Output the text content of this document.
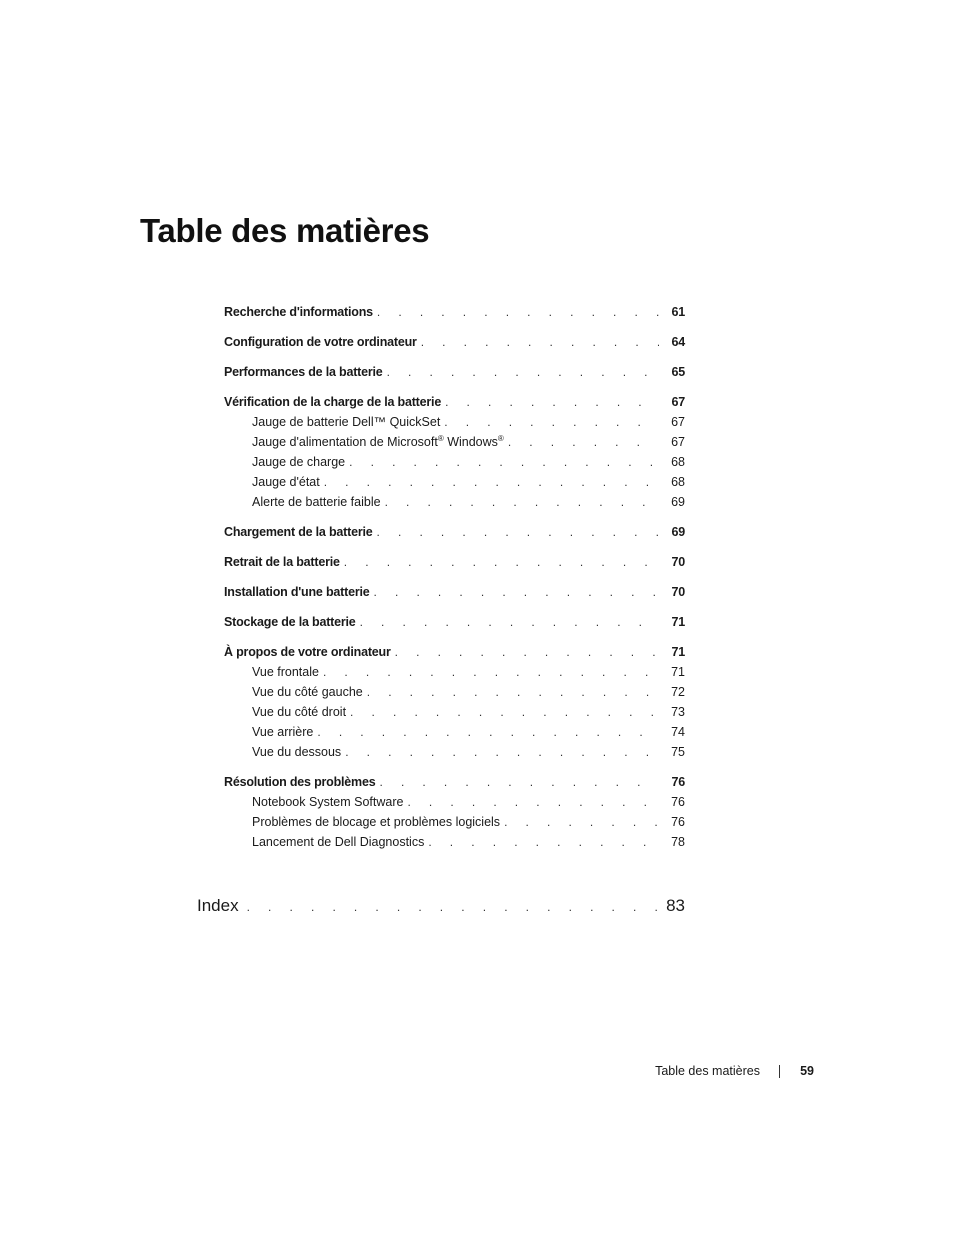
Table des matières
Recherche d'informations . . .	61
Configuration de votre ordinateur . . .	64
Performances de la batterie . . .	65
Vérification de la charge de la batterie . . .	67
Jauge de batterie Dell™ QuickSet . . .	67
Jauge d'alimentation de Microsoft® Windows® . . .	67
Jauge de charge . . .	68
Jauge d'état . . .	68
Alerte de batterie faible . . .	69
Chargement de la batterie . . .	69
Retrait de la batterie . . .	70
Installation d'une batterie . . .	70
Stockage de la batterie . . .	71
À propos de votre ordinateur . . .	71
Vue frontale . . .	71
Vue du côté gauche . . .	72
Vue du côté droit . . .	73
Vue arrière . . .	74
Vue du dessous . . .	75
Résolution des problèmes . . .	76
Notebook System Software . . .	76
Problèmes de blocage et problèmes logiciels . . .	76
Lancement de Dell Diagnostics . . .	78
Index . . .	83
Table des matières	59
